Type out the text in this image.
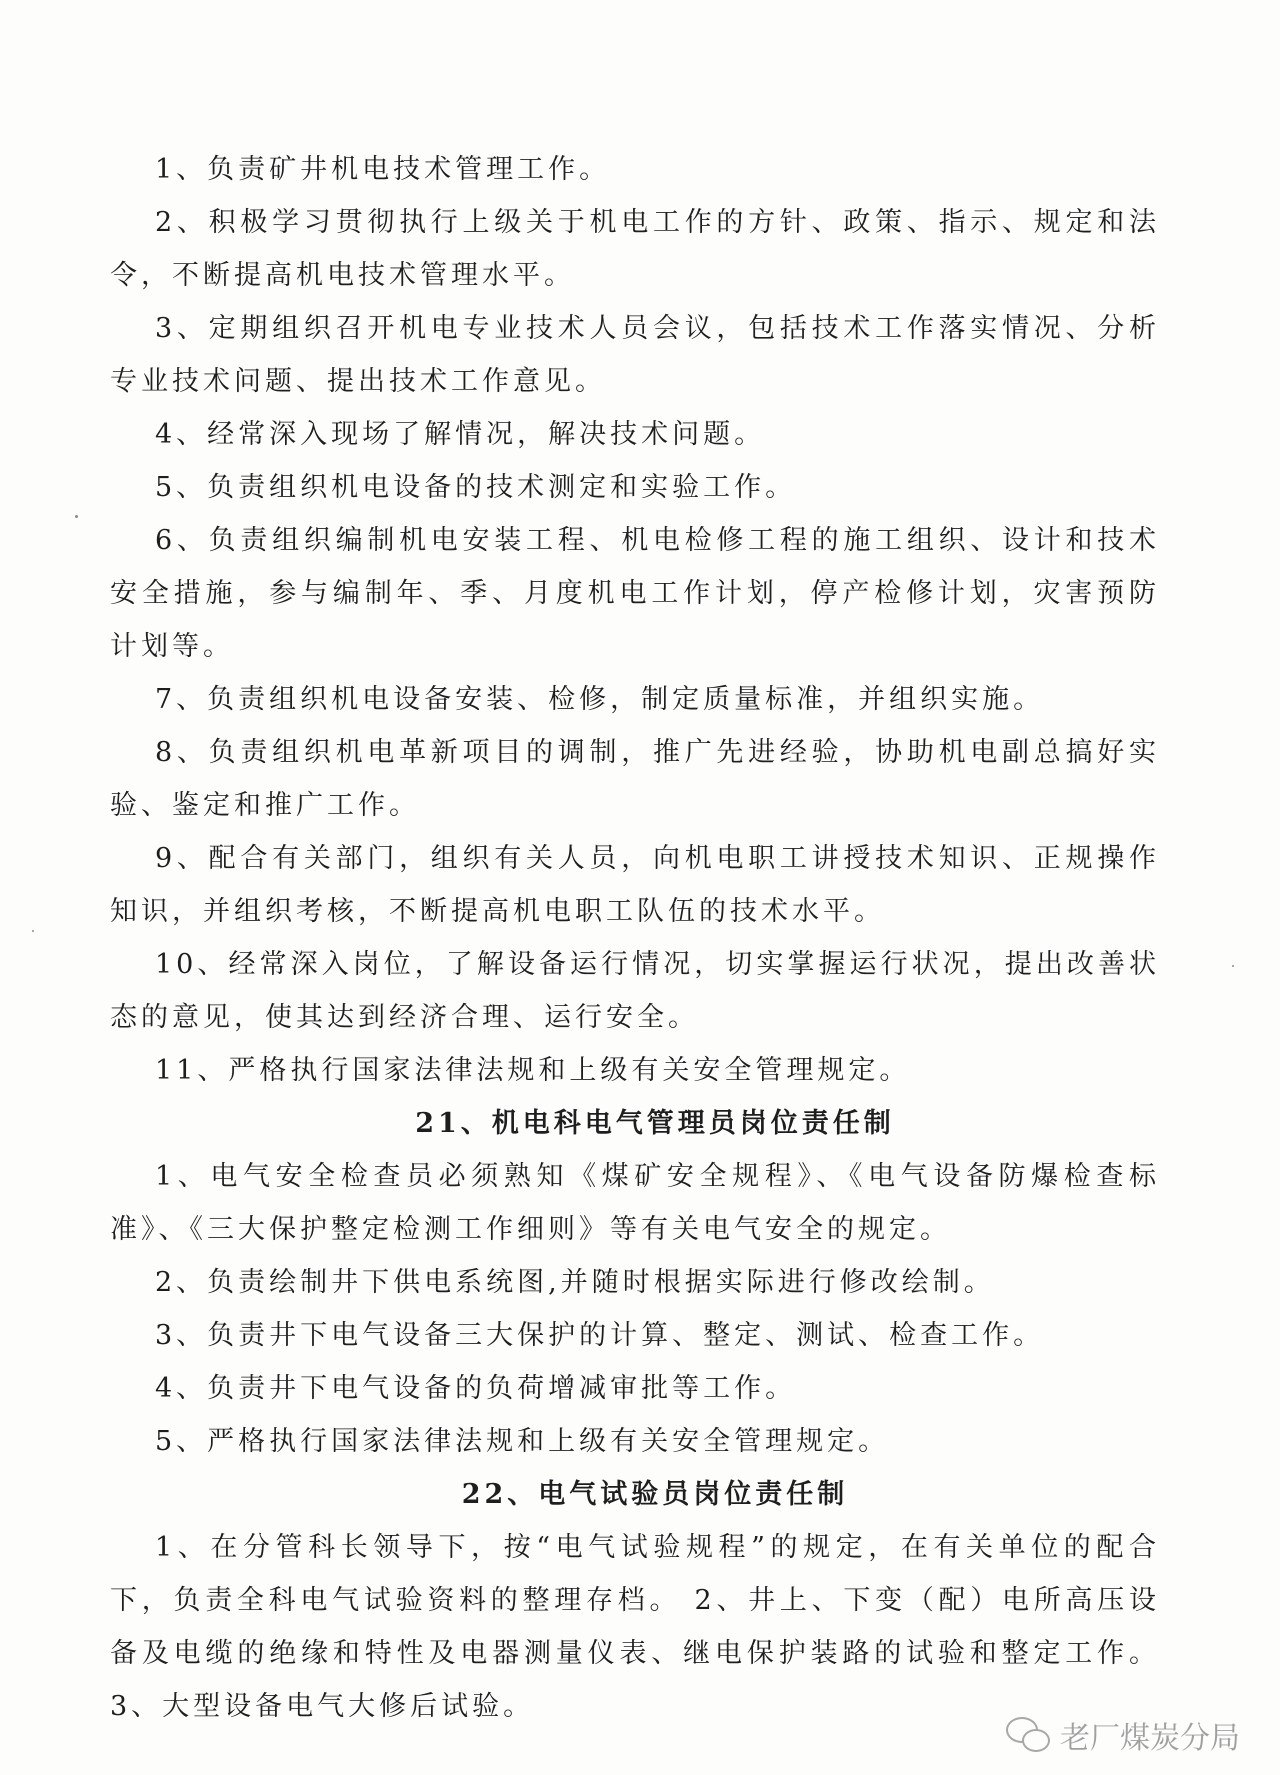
1、负责矿井机电技术管理工作。

2、积极学习贯彻执行上级关于机电工作的方针、政策、指示、规定和法令，不断提高机电技术管理水平。

3、定期组织召开机电专业技术人员会议，包括技术工作落实情况、分析专业技术问题、提出技术工作意见。

4、经常深入现场了解情况，解决技术问题。

5、负责组织机电设备的技术测定和实验工作。

6、负责组织编制机电安装工程、机电检修工程的施工组织、设计和技术安全措施，参与编制年、季、月度机电工作计划，停产检修计划，灾害预防计划等。

7、负责组织机电设备安装、检修，制定质量标准，并组织实施。

8、负责组织机电革新项目的调制，推广先进经验，协助机电副总搞好实验、鉴定和推广工作。

9、配合有关部门，组织有关人员，向机电职工讲授技术知识、正规操作知识，并组织考核，不断提高机电职工队伍的技术水平。

10、经常深入岗位，了解设备运行情况，切实掌握运行状况，提出改善状态的意见，使其达到经济合理、运行安全。

11、严格执行国家法律法规和上级有关安全管理规定。

21、机电科电气管理员岗位责任制

1、电气安全检查员必须熟知《煤矿安全规程》、《电气设备防爆检查标准》、《三大保护整定检测工作细则》等有关电气安全的规定。

2、负责绘制井下供电系统图,并随时根据实际进行修改绘制。

3、负责井下电气设备三大保护的计算、整定、测试、检查工作。

4、负责井下电气设备的负荷增减审批等工作。

5、严格执行国家法律法规和上级有关安全管理规定。

22、电气试验员岗位责任制

1、在分管科长领导下，按“电气试验规程”的规定，在有关单位的配合下，负责全科电气试验资料的整理存档。 2、井上、下变（配）电所高压设备及电缆的绝缘和特性及电器测量仪表、继电保护装路的试验和整定工作。 3、大型设备电气大修后试验。

老厂煤炭分局
